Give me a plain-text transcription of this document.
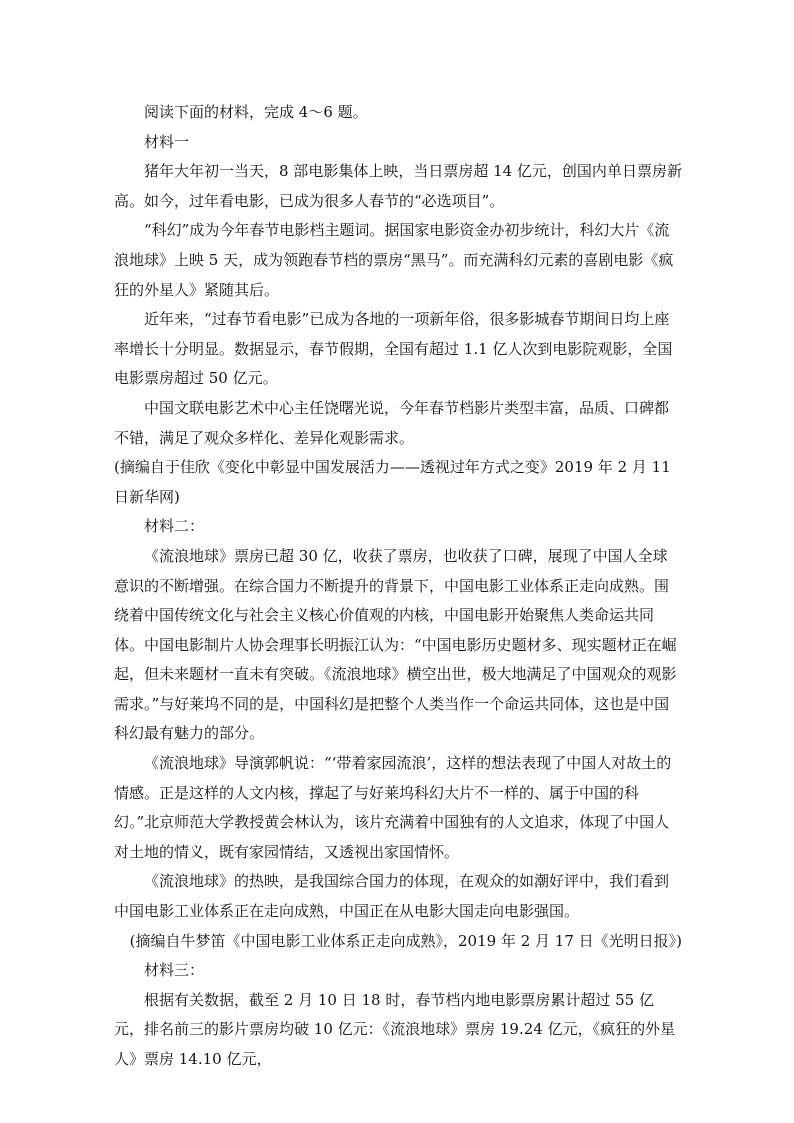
阅读下面的材料，完成 4～6 题。

材料一

猪年大年初一当天，8 部电影集体上映，当日票房超 14 亿元，创国内单日票房新高。如今，过年看电影，已成为很多人春节的“必选项目”。

“科幻”成为今年春节电影档主题词。据国家电影资金办初步统计，科幻大片《流浪地球》上映 5 天，成为领跑春节档的票房“黑马”。而充满科幻元素的喜剧电影《疯狂的外星人》紧随其后。

近年来，“过春节看电影”已成为各地的一项新年俗，很多影城春节期间日均上座率增长十分明显。数据显示，春节假期，全国有超过 1.1 亿人次到电影院观影，全国电影票房超过 50 亿元。

中国文联电影艺术中心主任饶曙光说，今年春节档影片类型丰富，品质、口碑都不错，满足了观众多样化、差异化观影需求。

(摘编自于佳欣《变化中彰显中国发展活力——透视过年方式之变》2019 年 2 月 11 日新华网)

材料二：

《流浪地球》票房已超 30 亿，收获了票房，也收获了口碑，展现了中国人全球意识的不断增强。在综合国力不断提升的背景下，中国电影工业体系正走向成熟。围绕着中国传统文化与社会主义核心价值观的内核，中国电影开始聚焦人类命运共同体。中国电影制片人协会理事长明振江认为：“中国电影历史题材多、现实题材正在崛起，但未来题材一直未有突破。《流浪地球》横空出世，极大地满足了中国观众的观影需求。”与好莱坞不同的是，中国科幻是把整个人类当作一个命运共同体，这也是中国科幻最有魅力的部分。

《流浪地球》导演郭帆说：“‘带着家园流浪’，这样的想法表现了中国人对故土的情感。正是这样的人文内核，撑起了与好莱坞科幻大片不一样的、属于中国的科幻。”北京师范大学教授黄会林认为，该片充满着中国独有的人文追求，体现了中国人对土地的情义，既有家园情结，又透视出家国情怀。

《流浪地球》的热映，是我国综合国力的体现，在观众的如潮好评中，我们看到中国电影工业体系正在走向成熟，中国正在从电影大国走向电影强国。

(摘编自牛梦笛《中国电影工业体系正走向成熟》，2019 年 2 月 17 日《光明日报》)

材料三：

根据有关数据，截至 2 月 10 日 18 时，春节档内地电影票房累计超过 55 亿元，排名前三的影片票房均破 10 亿元：《流浪地球》票房 19.24 亿元，《疯狂的外星人》票房 14.10 亿元，
